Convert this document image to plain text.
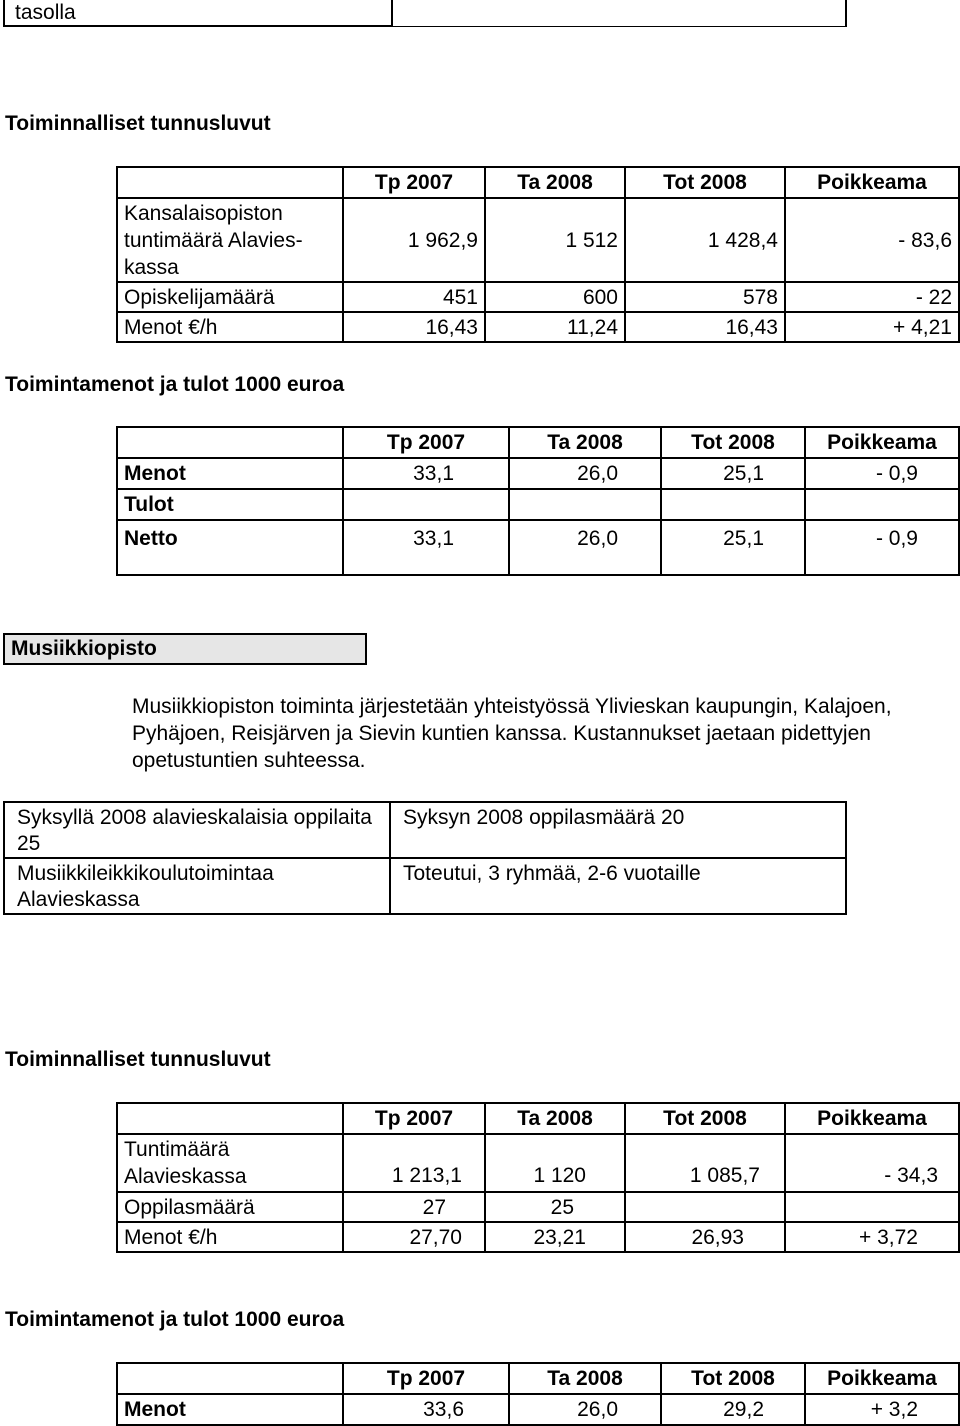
tasollа
Toiminnalliset tunnusluvut
	Tp 2007	Ta 2008	Tot 2008	Poikkeama
Kansalaisopiston tuntimäärä Alavies-kassa	1 962,9	1 512	1 428,4	- 83,6
Opiskelijamäärä	451	600	578	- 22
Menot €/h	16,43	11,24	16,43	+ 4,21
Toimintamenot ja tulot 1000 euroa
	Tp 2007	Ta 2008	Tot 2008	Poikkeama
Menot	33,1	26,0	25,1	- 0,9
Tulot				
Netto	33,1	26,0	25,1	- 0,9
Musiikkiopisto
Musiikkiopiston toiminta järjestetään yhteistyössä Ylivieskan kaupungin, Kalajoen, Pyhäjoen, Reisjärven ja Sievin kuntien kanssa. Kustannukset jaetaan pidettyjen opetustuntien suhteessa.
Syksyllä 2008 alavieskalaisia oppilaita 25	Syksyn 2008 oppilasmäärä 20
Musiikkileikkikoulutoimintaa Alavieskassa	Toteutui, 3 ryhmää, 2-6 vuotaille
Toiminnalliset tunnusluvut
	Tp 2007	Ta 2008	Tot 2008	Poikkeama
Tuntimäärä Alavieskassa	1 213,1	1 120	1 085,7	- 34,3
Oppilasmäärä	27	25		
Menot €/h	27,70	23,21	26,93	+ 3,72
Toimintamenot ja tulot 1000 euroa
	Tp 2007	Ta 2008	Tot 2008	Poikkeama
Menot	33,6	26,0	29,2	+ 3,2
